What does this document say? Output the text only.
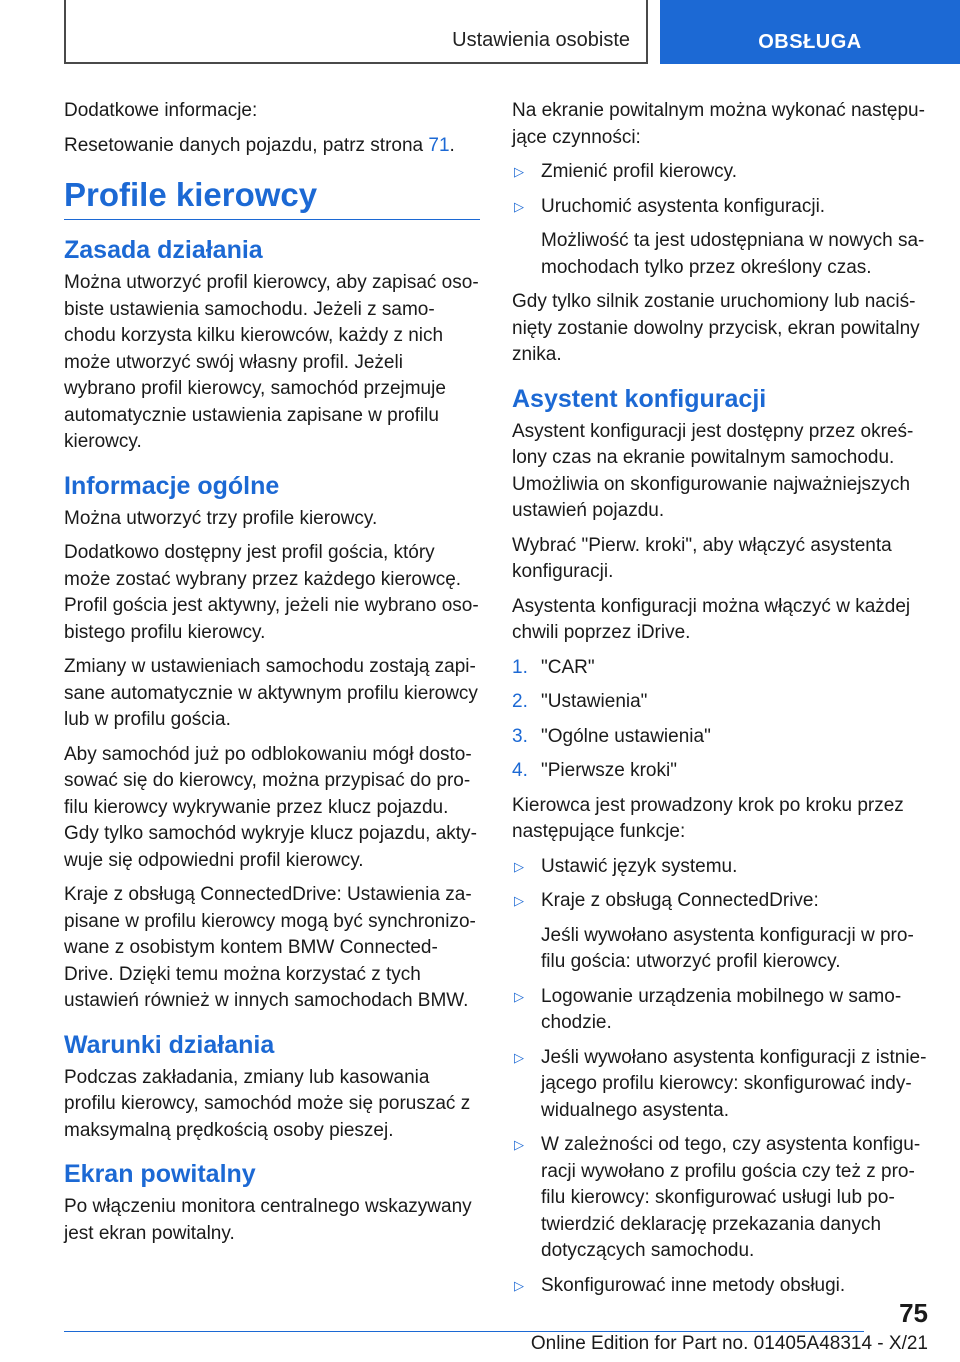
Ustawienia osobiste	OBSŁUGA

Dodatkowe informacje:

Resetowanie danych pojazdu, patrz strona 71.

Profile kierowcy
Zasada działania

Można utworzyć profil kierowcy, aby zapisać osobiste ustawienia samochodu. Jeżeli z samochodu korzysta kilku kierowców, każdy z nich może utworzyć swój własny profil. Jeżeli wybrano profil kierowcy, samochód przejmuje automatycznie ustawienia zapisane w profilu kierowcy.

Informacje ogólne

Można utworzyć trzy profile kierowcy.

Dodatkowo dostępny jest profil gościa, który może zostać wybrany przez każdego kierowcę. Profil gościa jest aktywny, jeżeli nie wybrano osobistego profilu kierowcy.

Zmiany w ustawieniach samochodu zostają zapisane automatycznie w aktywnym profilu kierowcy lub w profilu gościa.

Aby samochód już po odblokowaniu mógł dostosować się do kierowcy, można przypisać do profilu kierowcy wykrywanie przez klucz pojazdu. Gdy tylko samochód wykryje klucz pojazdu, aktywuje się odpowiedni profil kierowcy.

Kraje z obsługą ConnectedDrive: Ustawienia zapisane w profilu kierowcy mogą być synchronizowane z osobistym kontem BMW ConnectedDrive. Dzięki temu można korzystać z tych ustawień również w innych samochodach BMW.

Warunki działania

Podczas zakładania, zmiany lub kasowania profilu kierowcy, samochód może się poruszać z maksymalną prędkością osoby pieszej.

Ekran powitalny

Po włączeniu monitora centralnego wskazywany jest ekran powitalny.

Na ekranie powitalnym można wykonać następujące czynności:

▷ Zmienić profil kierowcy.
▷ Uruchomić asystenta konfiguracji.

Możliwość ta jest udostępniana w nowych samochodach tylko przez określony czas.

Gdy tylko silnik zostanie uruchomiony lub naciśnięty zostanie dowolny przycisk, ekran powitalny znika.

Asystent konfiguracji

Asystent konfiguracji jest dostępny przez określony czas na ekranie powitalnym samochodu. Umożliwia on skonfigurowanie najważniejszych ustawień pojazdu.

Wybrać "Pierw. kroki", aby włączyć asystenta konfiguracji.

Asystenta konfiguracji można włączyć w każdej chwili poprzez iDrive.

1. "CAR"
2. "Ustawienia"
3. "Ogólne ustawienia"
4. "Pierwsze kroki"

Kierowca jest prowadzony krok po kroku przez następujące funkcje:

▷ Ustawić język systemu.
▷ Kraje z obsługą ConnectedDrive:

Jeśli wywołano asystenta konfiguracji w profilu gościa: utworzyć profil kierowcy.

▷ Logowanie urządzenia mobilnego w samochodzie.
▷ Jeśli wywołano asystenta konfiguracji z istniejącego profilu kierowcy: skonfigurować indywidualnego asystenta.
▷ W zależności od tego, czy asystenta konfiguracji wywołano z profilu gościa czy też z profilu kierowcy: skonfigurować usługi lub potwierdzić deklarację przekazania danych dotyczących samochodu.
▷ Skonfigurować inne metody obsługi.
75
Online Edition for Part no. 01405A48314 - X/21
